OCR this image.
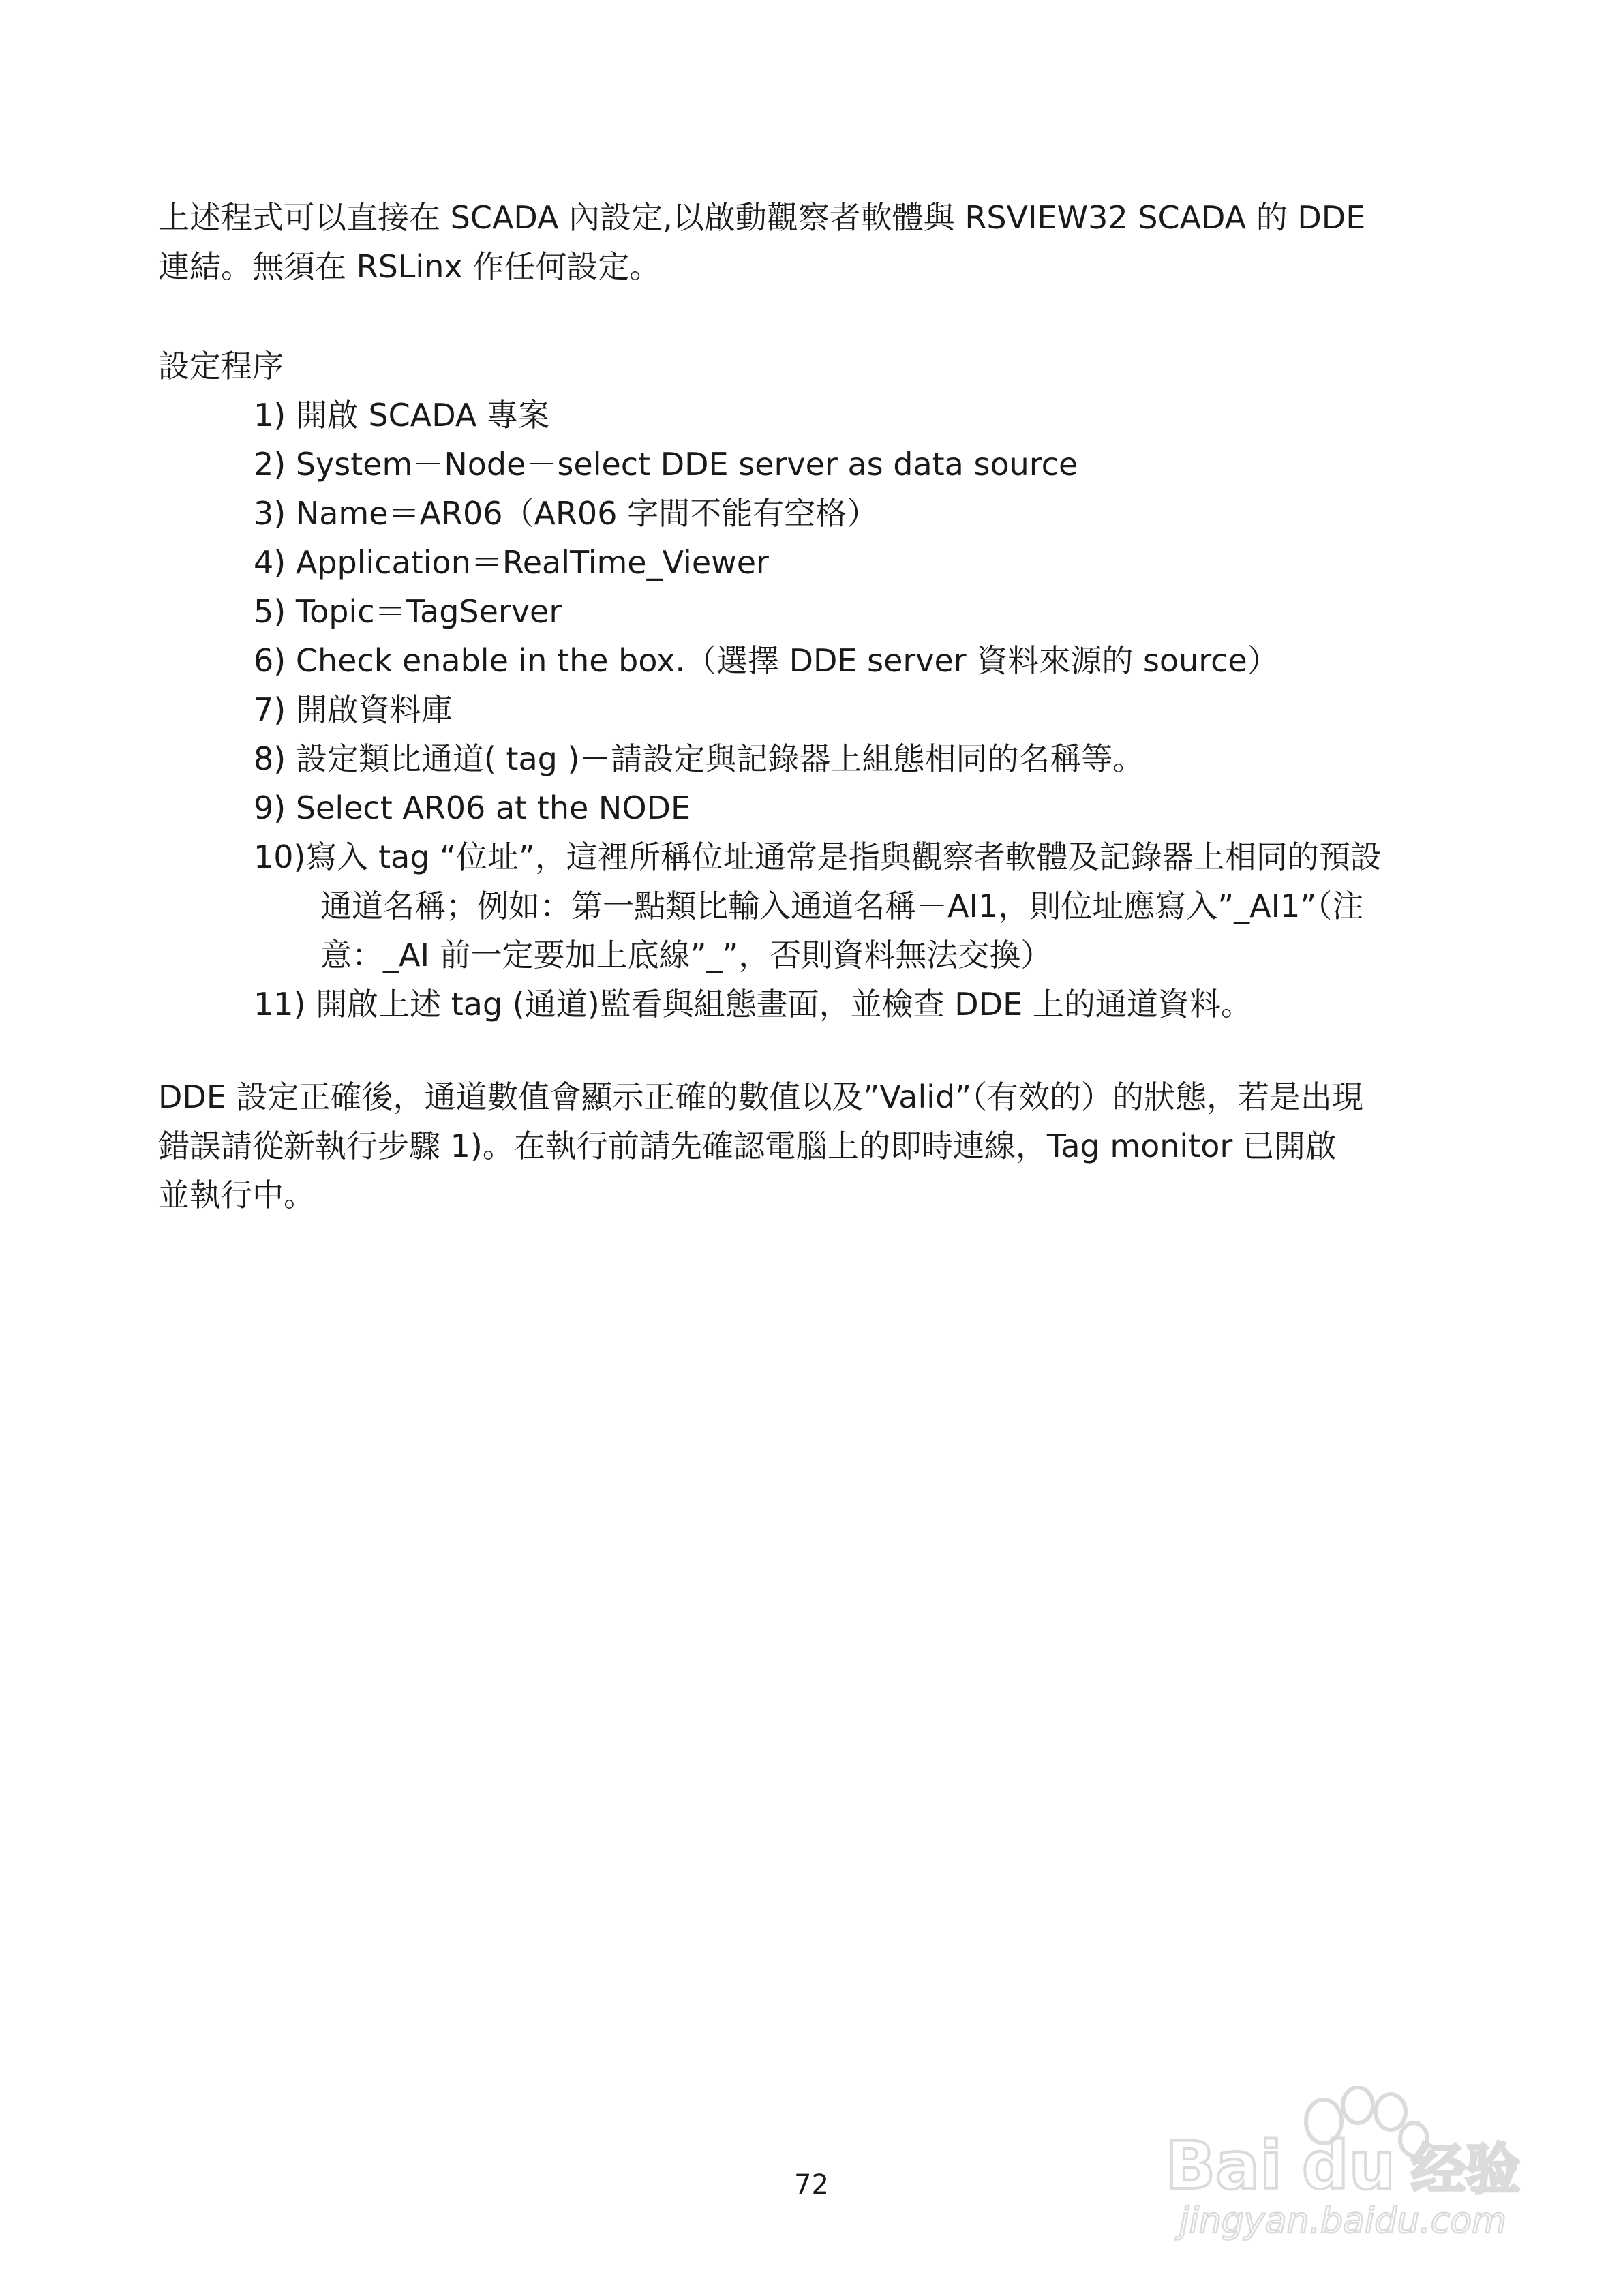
上述程式可以直接在 SCADA 內設定,以啟動觀察者軟體與 RSVIEW32 SCADA 的 DDE
連結。無須在 RSLinx 作任何設定。
設定程序
1) 開啟 SCADA 專案
2) System－Node－select DDE server as data source
3) Name＝AR06（AR06 字間不能有空格）
4) Application＝RealTime_Viewer
5) Topic＝TagServer
6) Check enable in the box.（選擇 DDE server 資料來源的 source）
7) 開啟資料庫
8) 設定類比通道( tag )－請設定與記錄器上組態相同的名稱等。
9) Select AR06 at the NODE
10)寫入 tag “位址”，這裡所稱位址通常是指與觀察者軟體及記錄器上相同的預設
通道名稱；例如：第一點類比輸入通道名稱－AI1，則位址應寫入”_AI1”（注
意：_AI 前一定要加上底線”_”，否則資料無法交換）
11) 開啟上述 tag (通道)監看與組態畫面，並檢查 DDE 上的通道資料。
DDE 設定正確後，通道數值會顯示正確的數值以及”Valid”（有效的）的狀態，若是出現
錯誤請從新執行步驟 1)。在執行前請先確認電腦上的即時連線，Tag monitor 已開啟
並執行中。
72	Bai du 经验
jingyan.baidu.com
